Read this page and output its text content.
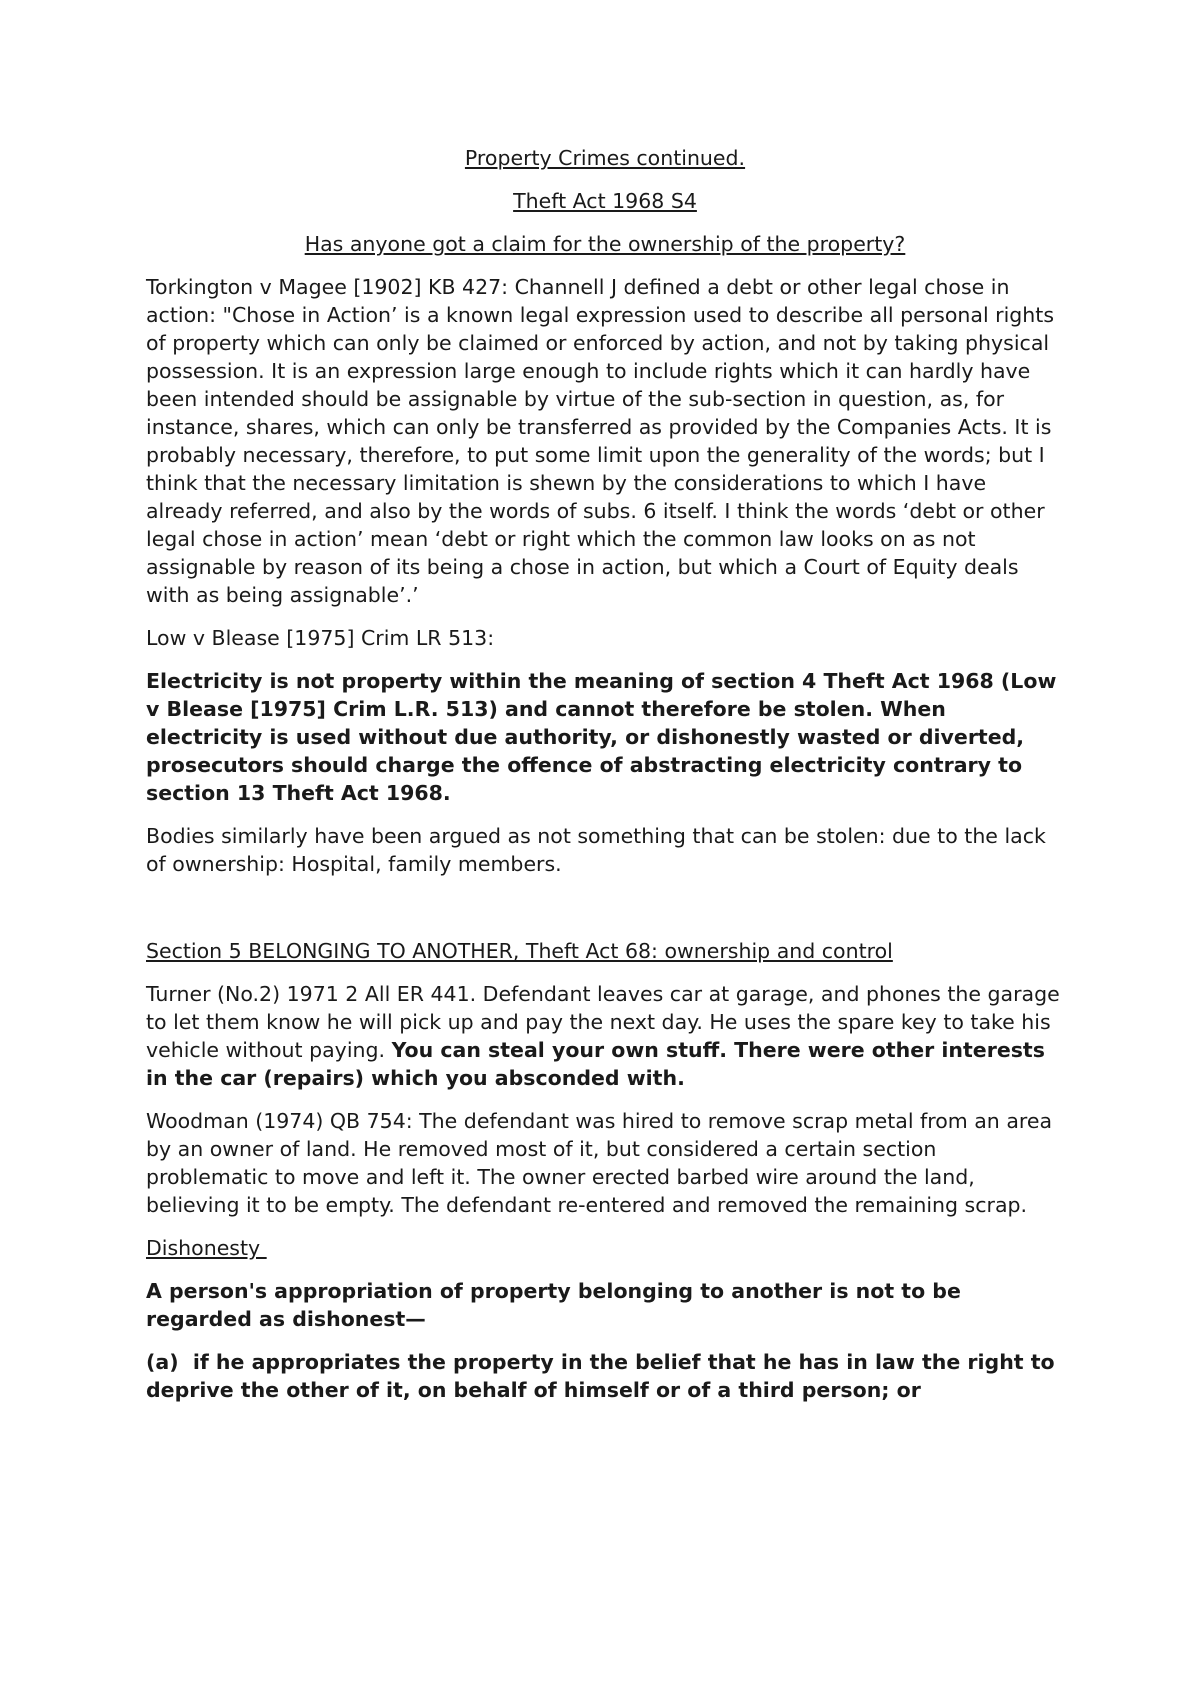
Property Crimes continued.
Theft Act 1968 S4
Has anyone got a claim for the ownership of the property?

Torkington v Magee [1902] KB 427: Channell J defined a debt or other legal chose in action: "Chose in Action’ is a known legal expression used to describe all personal rights of property which can only be claimed or enforced by action, and not by taking physical possession. It is an expression large enough to include rights which it can hardly have been intended should be assignable by virtue of the sub-section in question, as, for instance, shares, which can only be transferred as provided by the Companies Acts. It is probably necessary, therefore, to put some limit upon the generality of the words; but I think that the necessary limitation is shewn by the considerations to which I have already referred, and also by the words of subs. 6 itself. I think the words ‘debt or other legal chose in action’ mean ‘debt or right which the common law looks on as not assignable by reason of its being a chose in action, but which a Court of Equity deals with as being assignable’.’

Low v Blease [1975] Crim LR 513:

Electricity is not property within the meaning of section 4 Theft Act 1968 (Low v Blease [1975] Crim L.R. 513) and cannot therefore be stolen. When electricity is used without due authority, or dishonestly wasted or diverted, prosecutors should charge the offence of abstracting electricity contrary to section 13 Theft Act 1968.

Bodies similarly have been argued as not something that can be stolen: due to the lack of ownership: Hospital, family members.

Section 5 BELONGING TO ANOTHER, Theft Act 68: ownership and control

Turner (No.2) 1971 2 All ER 441. Defendant leaves car at garage, and phones the garage to let them know he will pick up and pay the next day. He uses the spare key to take his vehicle without paying. You can steal your own stuff. There were other interests in the car (repairs) which you absconded with.

Woodman (1974) QB 754: The defendant was hired to remove scrap metal from an area by an owner of land. He removed most of it, but considered a certain section problematic to move and left it. The owner erected barbed wire around the land, believing it to be empty. The defendant re-entered and removed the remaining scrap.

Dishonesty

A person's appropriation of property belonging to another is not to be regarded as dishonest—

(a)  if he appropriates the property in the belief that he has in law the right to deprive the other of it, on behalf of himself or of a third person; or
